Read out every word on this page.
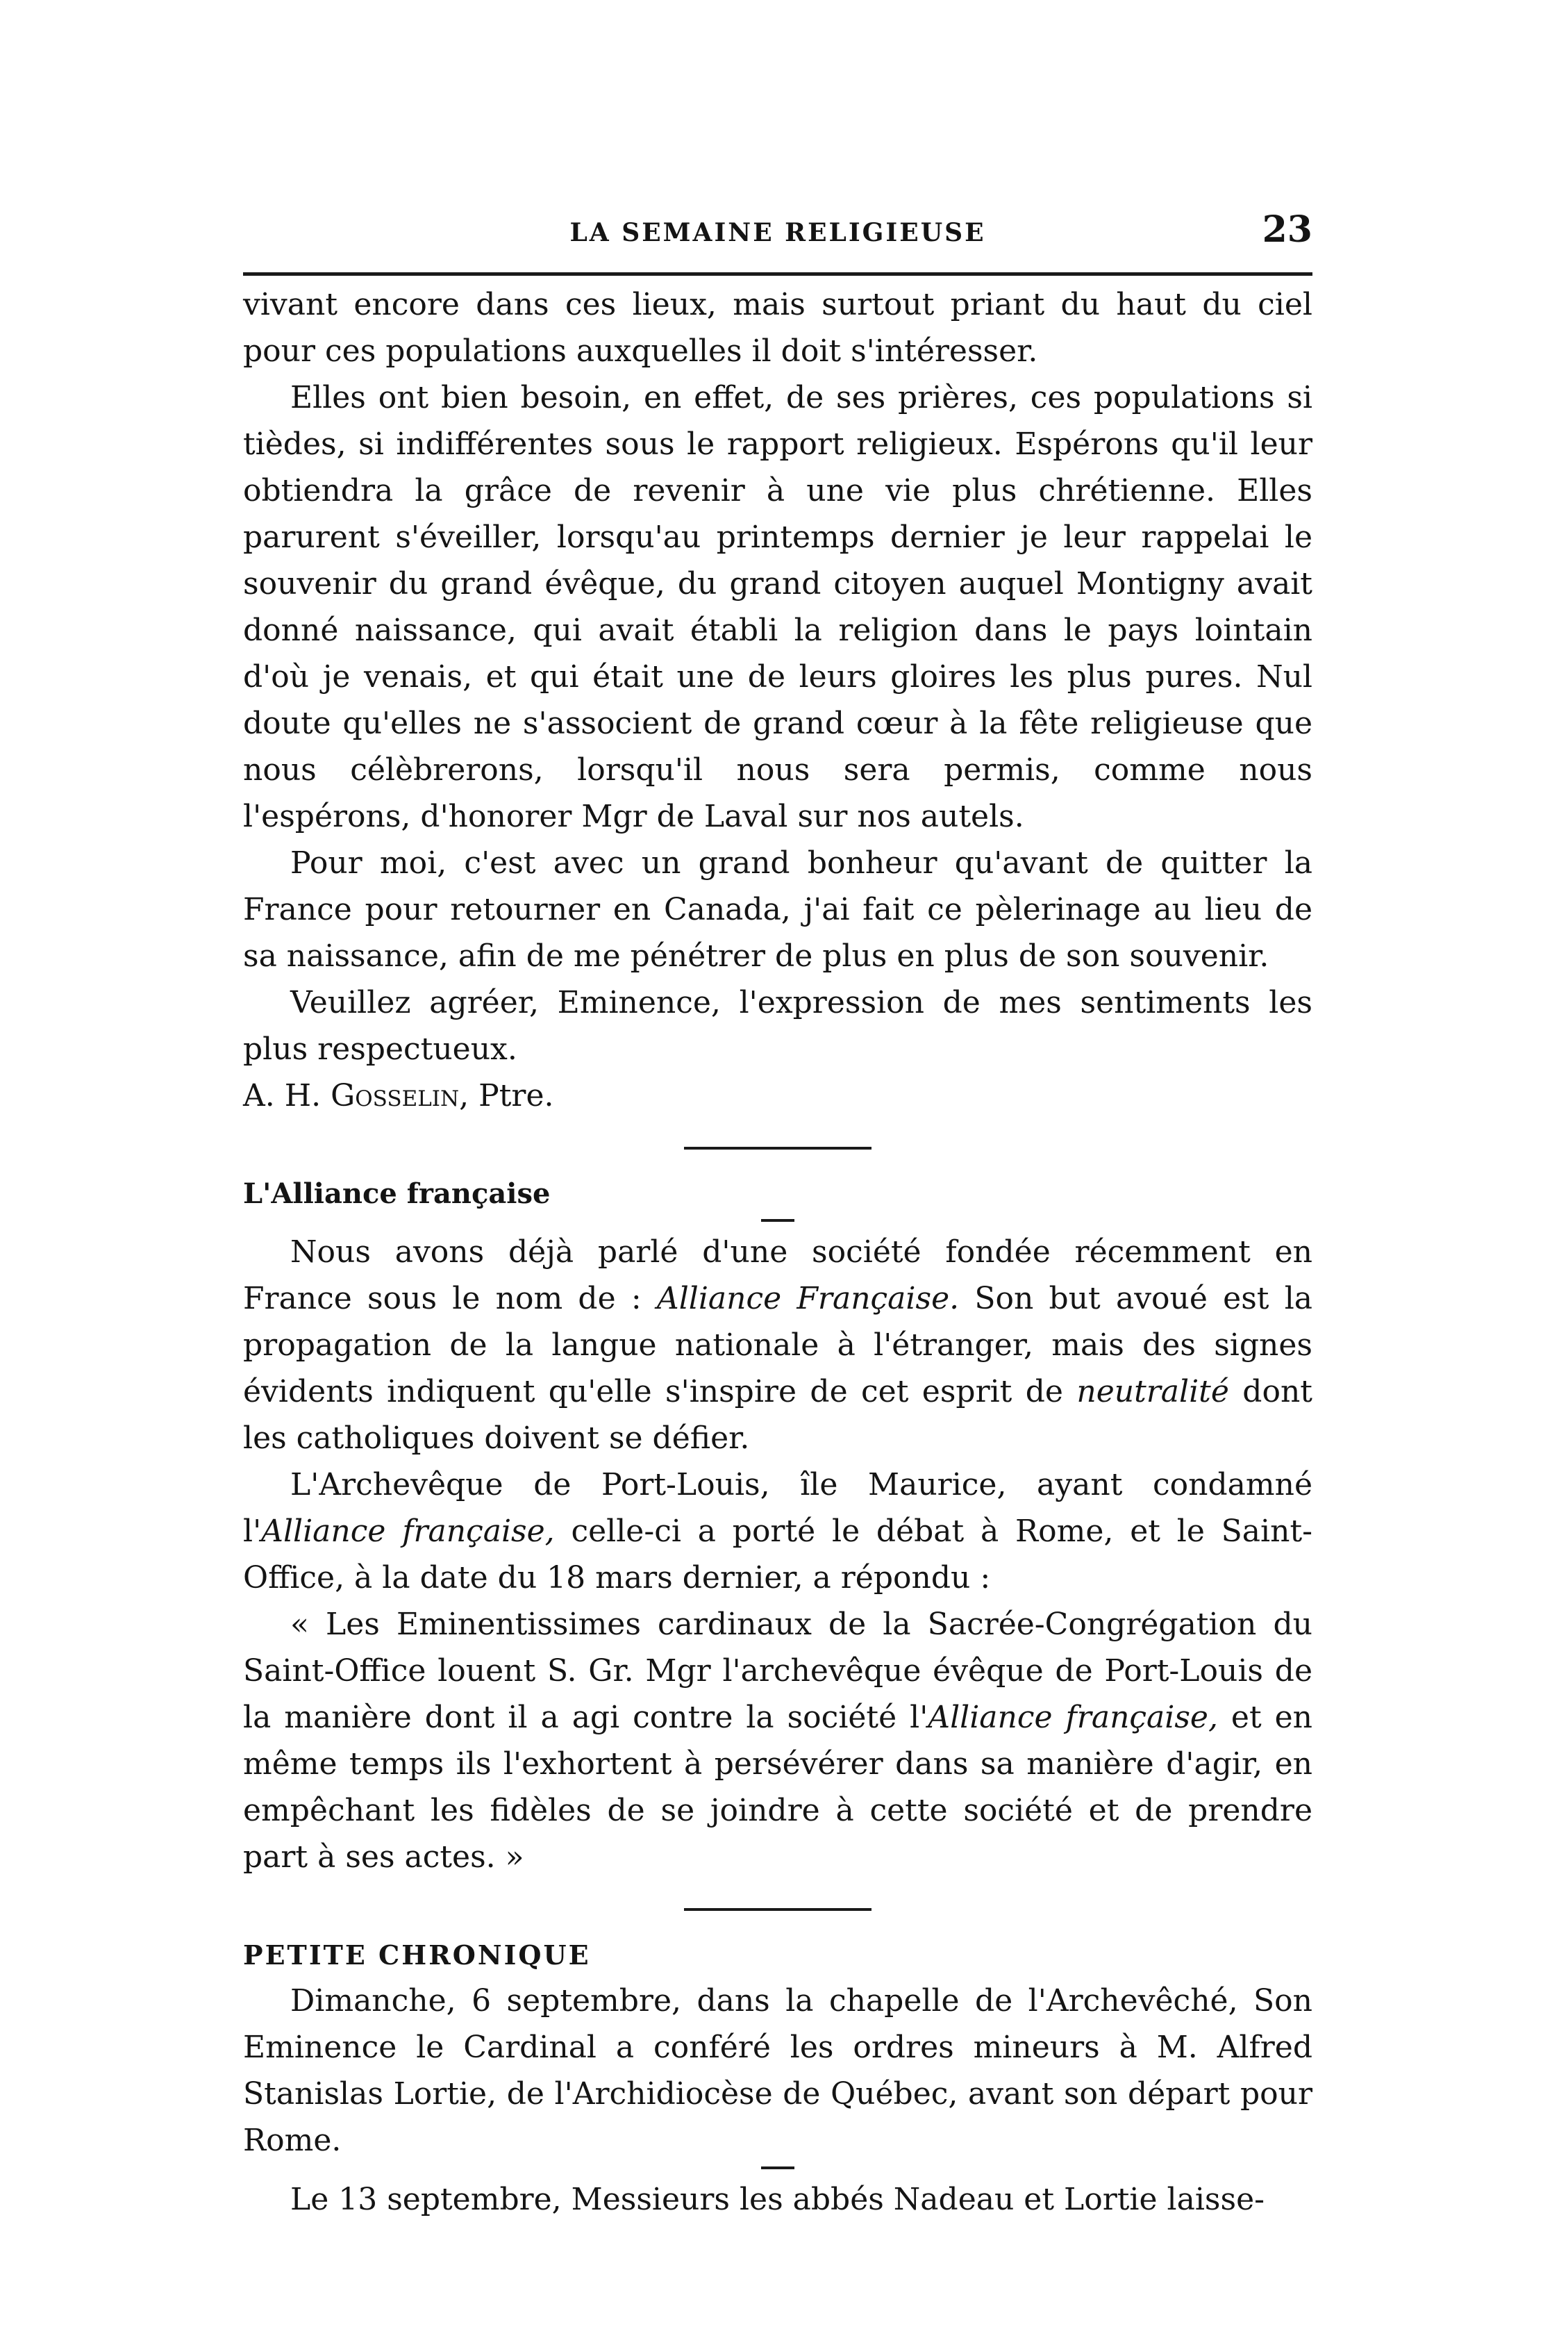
LA SEMAINE RELIGIEUSE	23

vivant encore dans ces lieux, mais surtout priant du haut du ciel pour ces populations auxquelles il doit s'intéresser.

Elles ont bien besoin, en effet, de ses prières, ces populations si tièdes, si indifférentes sous le rapport religieux. Espérons qu'il leur obtiendra la grâce de revenir à une vie plus chrétienne. Elles parurent s'éveiller, lorsqu'au printemps dernier je leur rappelai le souvenir du grand évêque, du grand citoyen auquel Montigny avait donné naissance, qui avait établi la religion dans le pays lointain d'où je venais, et qui était une de leurs gloires les plus pures. Nul doute qu'elles ne s'associent de grand cœur à la fête religieuse que nous célèbrerons, lorsqu'il nous sera permis, comme nous l'espérons, d'honorer Mgr de Laval sur nos autels.

Pour moi, c'est avec un grand bonheur qu'avant de quitter la France pour retourner en Canada, j'ai fait ce pèlerinage au lieu de sa naissance, afin de me pénétrer de plus en plus de son souvenir.

Veuillez agréer, Eminence, l'expression de mes sentiments les plus respectueux.

A. H. Gosselin, Ptre.

L'Alliance française

Nous avons déjà parlé d'une société fondée récemment en France sous le nom de : Alliance Française. Son but avoué est la propagation de la langue nationale à l'étranger, mais des signes évidents indiquent qu'elle s'inspire de cet esprit de neutralité dont les catholiques doivent se défier.

L'Archevêque de Port-Louis, île Maurice, ayant condamné l'Alliance française, celle-ci a porté le débat à Rome, et le Saint-Office, à la date du 18 mars dernier, a répondu :

« Les Eminentissimes cardinaux de la Sacrée-Congrégation du Saint-Office louent S. Gr. Mgr l'archevêque évêque de Port-Louis de la manière dont il a agi contre la société l'Alliance française, et en même temps ils l'exhortent à persévérer dans sa manière d'agir, en empêchant les fidèles de se joindre à cette société et de prendre part à ses actes. »

PETITE CHRONIQUE

Dimanche, 6 septembre, dans la chapelle de l'Archevêché, Son Eminence le Cardinal a conféré les ordres mineurs à M. Alfred Stanislas Lortie, de l'Archidiocèse de Québec, avant son départ pour Rome.

Le 13 septembre, Messieurs les abbés Nadeau et Lortie laisse-
